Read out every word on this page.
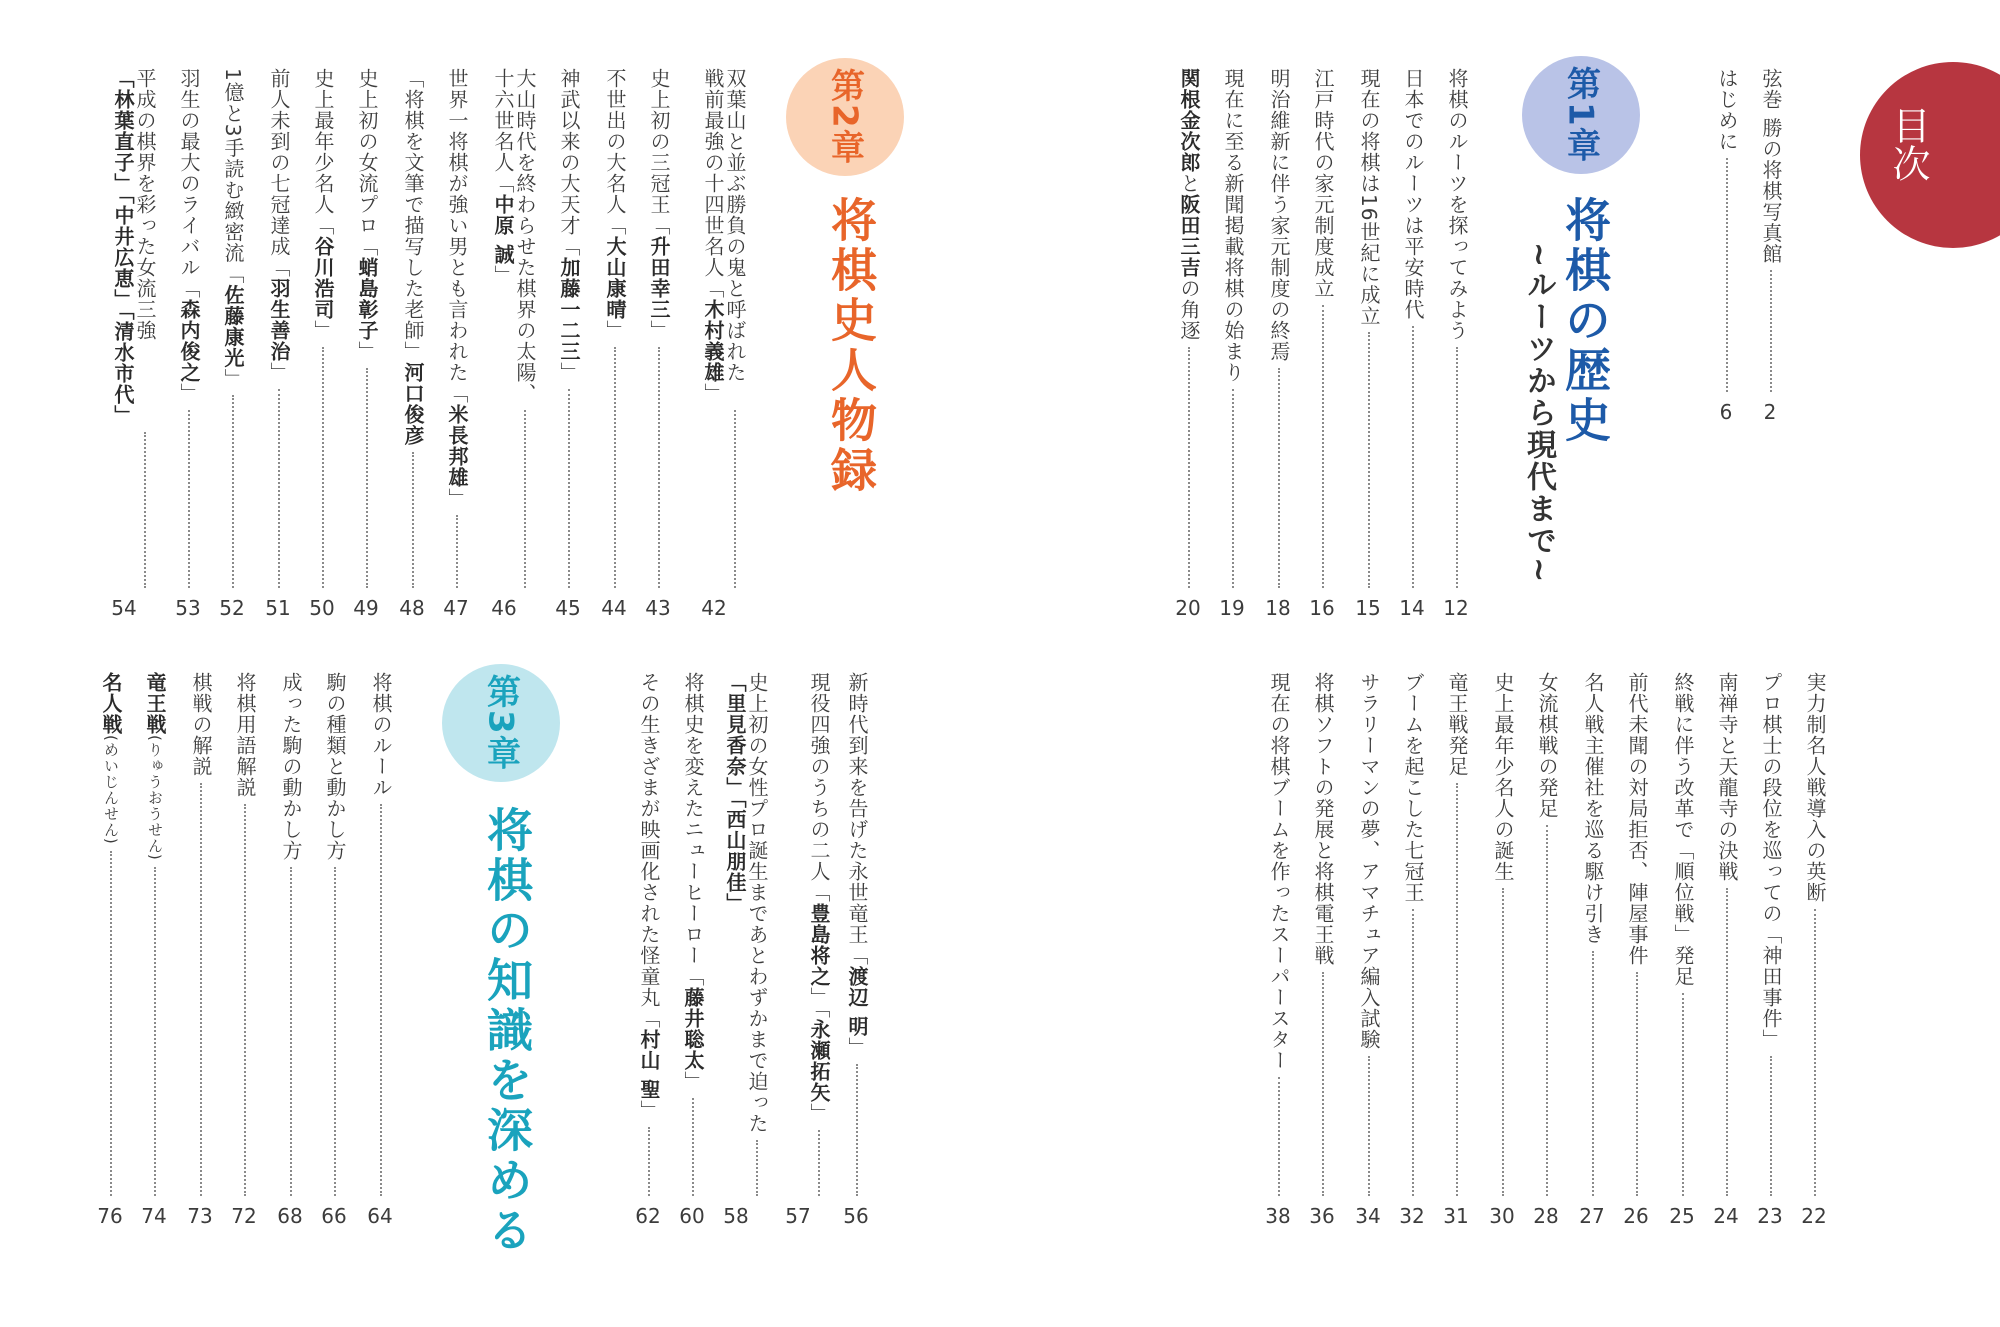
目次
第1章
将棋の歴史
~ルーツから現代まで~
第2章
将棋史人物録
第3章
将棋の知識を深める
弦巻 勝の将棋写真館
2
はじめに
6
将棋のルーツを探ってみよう
12
日本でのルーツは平安時代
14
現在の将棋は16世紀に成立
15
江戸時代の家元制度成立
16
明治維新に伴う家元制度の終焉
18
現在に至る新聞掲載将棋の始まり
19
関根金次郎と阪田三吉の角逐
20
実力制名人戦導入の英断
22
プロ棋士の段位を巡っての「神田事件」
23
南禅寺と天龍寺の決戦
24
終戦に伴う改革で「順位戦」発足
25
前代未聞の対局拒否、陣屋事件
26
名人戦主催社を巡る駆け引き
27
女流棋戦の発足
28
史上最年少名人の誕生
30
竜王戦発足
31
ブームを起こした七冠王
32
サラリーマンの夢、アマチュア編入試験
34
将棋ソフトの発展と将棋電王戦
36
現在の将棋ブームを作ったスーパースター
38
双葉山と並ぶ勝負の鬼と呼ばれた
戦前最強の十四世名人「木村義雄」
42
史上初の三冠王「升田幸三」
43
不世出の大名人「大山康晴」
44
神武以来の大天才「加藤一二三」
45
大山時代を終わらせた棋界の太陽、
十六世名人「中原 誠」
46
世界一将棋が強い男とも言われた「米長邦雄」
47
「将棋を文筆で描写した老師」河口俊彦
48
史上初の女流プロ「蛸島彰子」
49
史上最年少名人「谷川浩司」
50
前人未到の七冠達成「羽生善治」
51
1億と3手読む緻密流「佐藤康光」
52
羽生の最大のライバル「森内俊之」
53
平成の棋界を彩った女流三強
「林葉直子」「中井広恵」「清水市代」
54
新時代到来を告げた永世竜王「渡辺 明」
56
現役四強のうちの二人「豊島将之」「永瀬拓矢」
57
史上初の女性プロ誕生まであとわずかまで迫った
「里見香奈」「西山朋佳」
58
将棋史を変えたニューヒーロー「藤井聡太」
60
その生きざまが映画化された怪童丸「村山 聖」
62
将棋のルール
64
駒の種類と動かし方
66
成った駒の動かし方
68
将棋用語解説
72
棋戦の解説
73
竜王戦(りゅうおうせん)
74
名人戦(めいじんせん)
76
